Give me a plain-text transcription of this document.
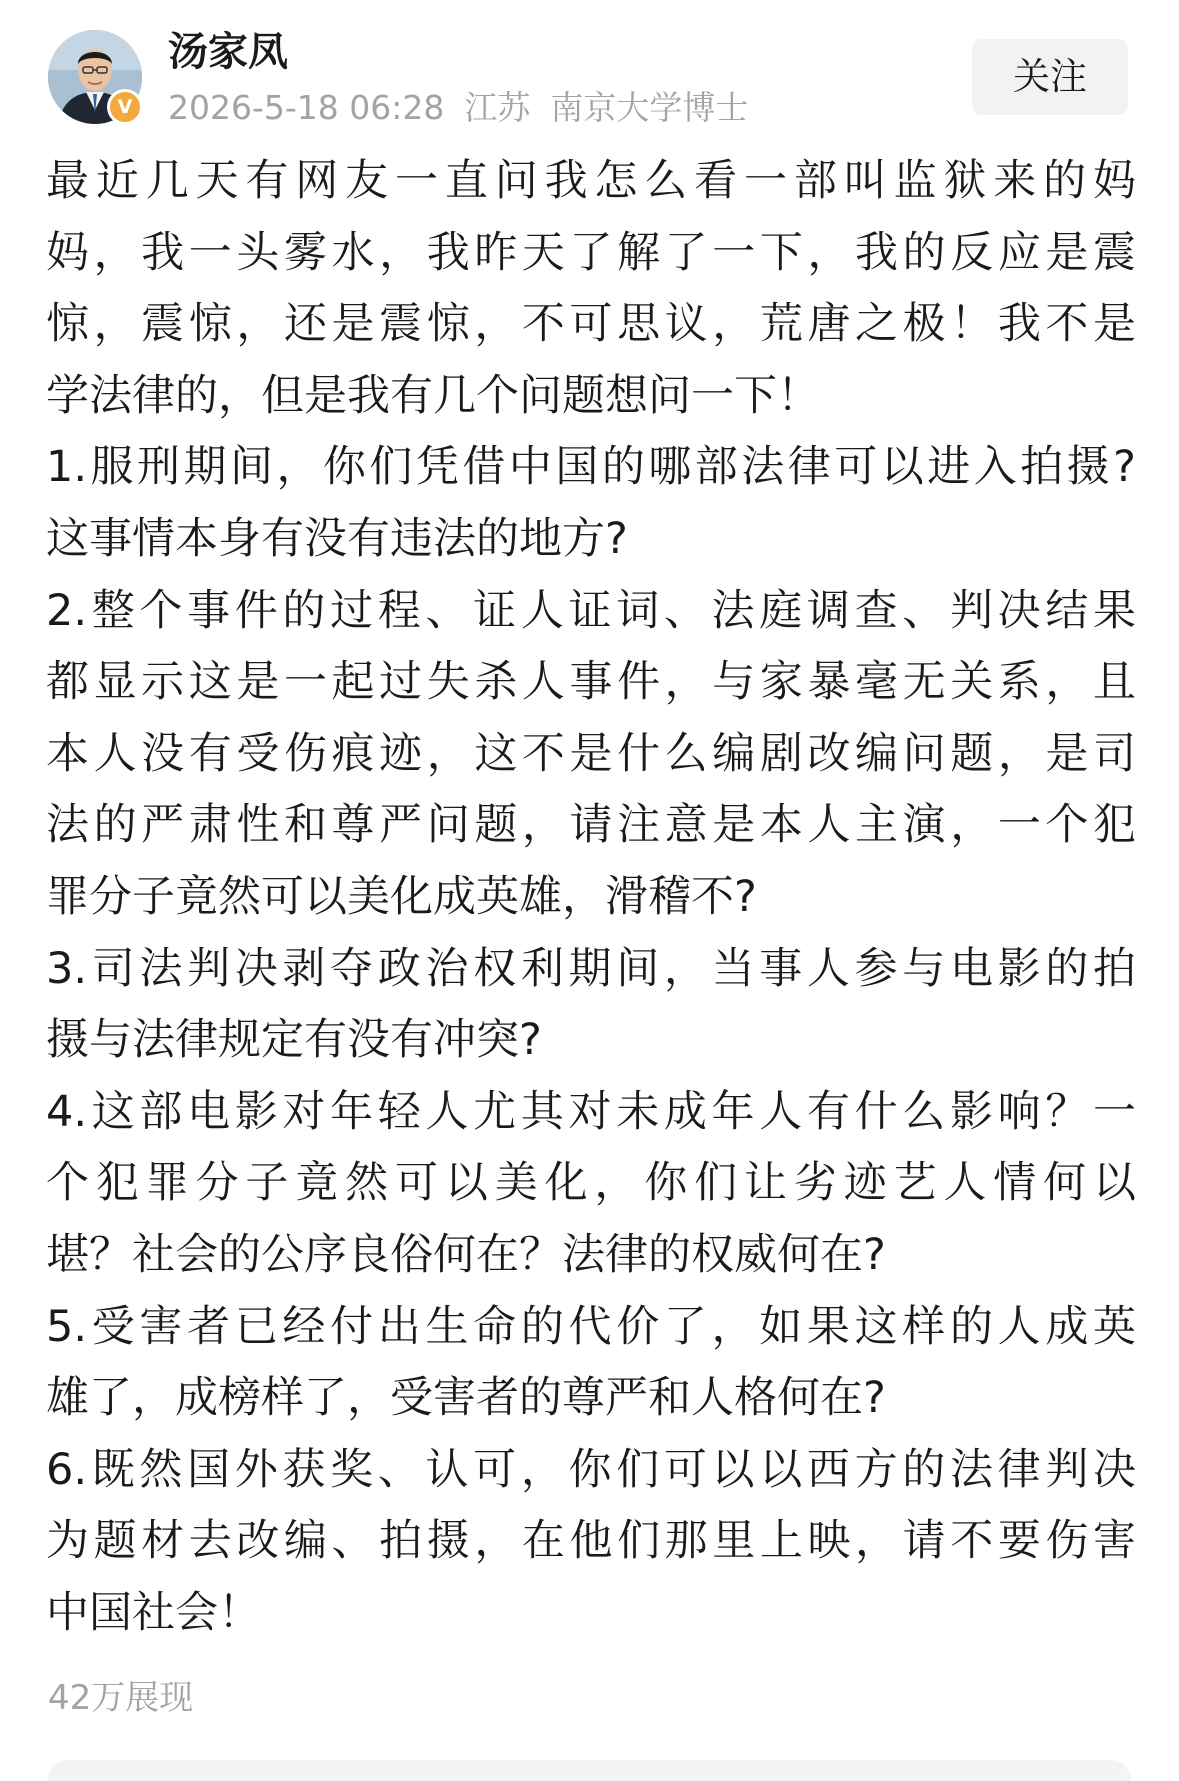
V
汤家凤
2026-5-18 06:28 江苏 南京大学博士
关注
最近几天有网友一直问我怎么看一部叫监狱来的妈
妈，我一头雾水，我昨天了解了一下，我的反应是震
惊，震惊，还是震惊，不可思议，荒唐之极！我不是
学法律的，但是我有几个问题想问一下！
1.服刑期间，你们凭借中国的哪部法律可以进入拍摄?
这事情本身有没有违法的地方?
2.整个事件的过程、证人证词、法庭调查、判决结果
都显示这是一起过失杀人事件，与家暴毫无关系，且
本人没有受伤痕迹，这不是什么编剧改编问题，是司
法的严肃性和尊严问题，请注意是本人主演，一个犯
罪分子竟然可以美化成英雄，滑稽不?
3.司法判决剥夺政治权利期间，当事人参与电影的拍
摄与法律规定有没有冲突?
4.这部电影对年轻人尤其对未成年人有什么影响？一
个犯罪分子竟然可以美化，你们让劣迹艺人情何以
堪？社会的公序良俗何在？法律的权威何在?
5.受害者已经付出生命的代价了，如果这样的人成英
雄了，成榜样了，受害者的尊严和人格何在?
6.既然国外获奖、认可，你们可以以西方的法律判决
为题材去改编、拍摄，在他们那里上映，请不要伤害
中国社会！
42万展现
